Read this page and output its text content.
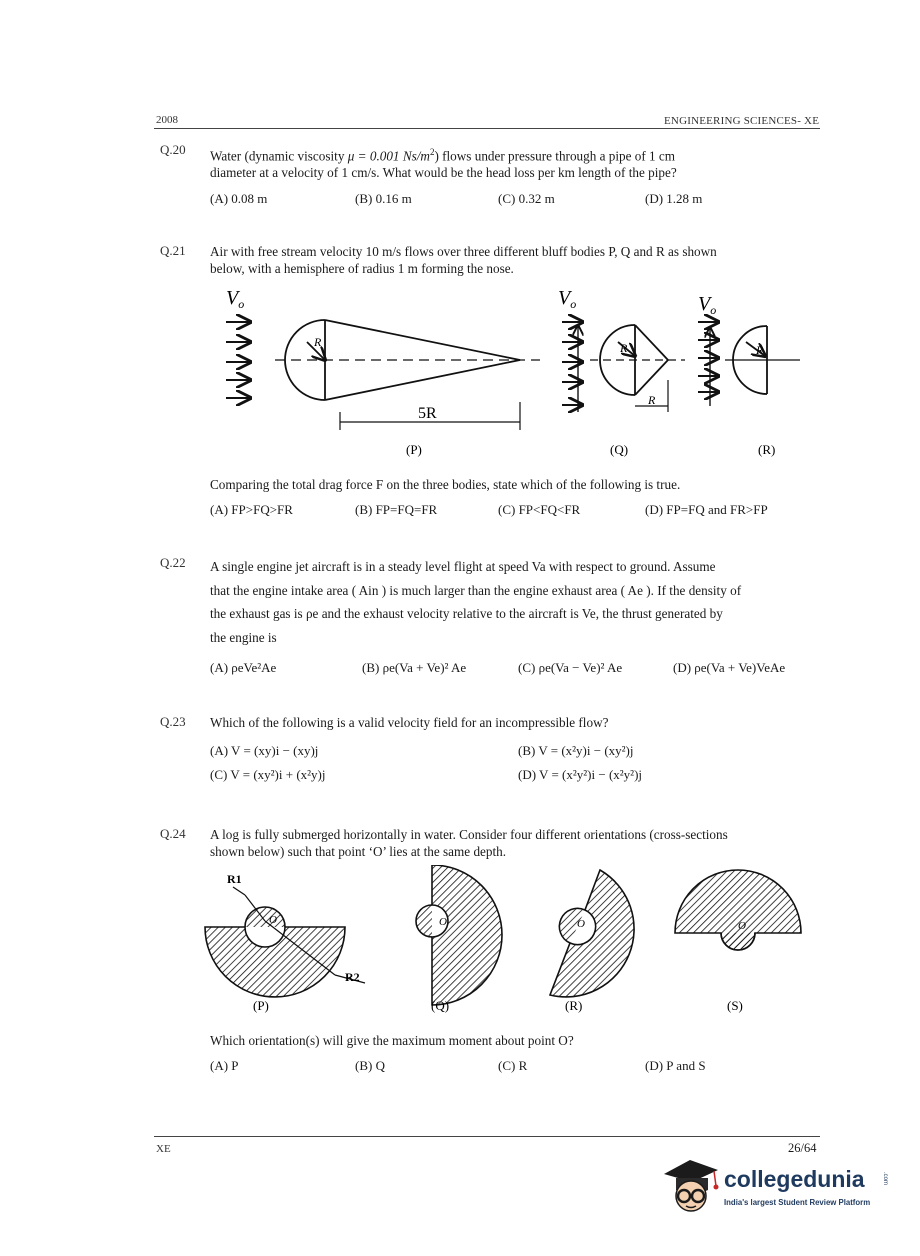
2008	ENGINEERING SCIENCES- XE
Q.20 Water (dynamic viscosity μ = 0.001 $Ns/m^2$) flows under pressure through a pipe of 1 cm
diameter at a velocity of 1 cm/s. What would be the head loss per km length of the pipe?
(A) 0.08 m	(B) 0.16 m	(C) 0.32 m	(D) 1.28 m
Q.21 Air with free stream velocity 10 m/s flows over three different bluff bodies P, Q and R as shown
below, with a hemisphere of radius 1 m forming the nose.
$V_o$
R
5R
$V_o$
R
R
$V_o$
R
(P)	(Q)	(R)
Comparing the total drag force F on the three bodies, state which of the following is true.
(A) FP>FQ>FR	(B) FP=FQ=FR	(C) FP<FQ<FR	(D) FP=FQ and FR>FP
Q.22 A single engine jet aircraft is in a steady level flight at speed Va with respect to ground. Assume
that the engine intake area ( Ain ) is much larger than the engine exhaust area ( Ae ). If the density of
the exhaust gas is ρe and the exhaust velocity relative to the aircraft is Ve, the thrust generated by
the engine is
(A) ρeVe²Ae	(B) ρe(Va + Ve)² Ae	(C) ρe(Va − Ve)² Ae	(D) ρe(Va + Ve)VeAe
Q.23 Which of the following is a valid velocity field for an incompressible flow?
(A) V = (xy)i − (xy)j	(B) V = (x²y)i − (xy²)j
(C) V = (xy²)i + (x²y)j	(D) V = (x²y²)i − (x²y²)j
Q.24 A log is fully submerged horizontally in water. Consider four different orientations (cross-sections
shown below) such that point ‘O’ lies at the same depth.
R1
R2
O	O	O	O
(P)	(Q)	(R)	(S)
Which orientation(s) will give the maximum moment about point O?
(A) P	(B) Q	(C) R	(D) P and S
XE	26/64
collegedunia	.com
India's largest Student Review Platform
